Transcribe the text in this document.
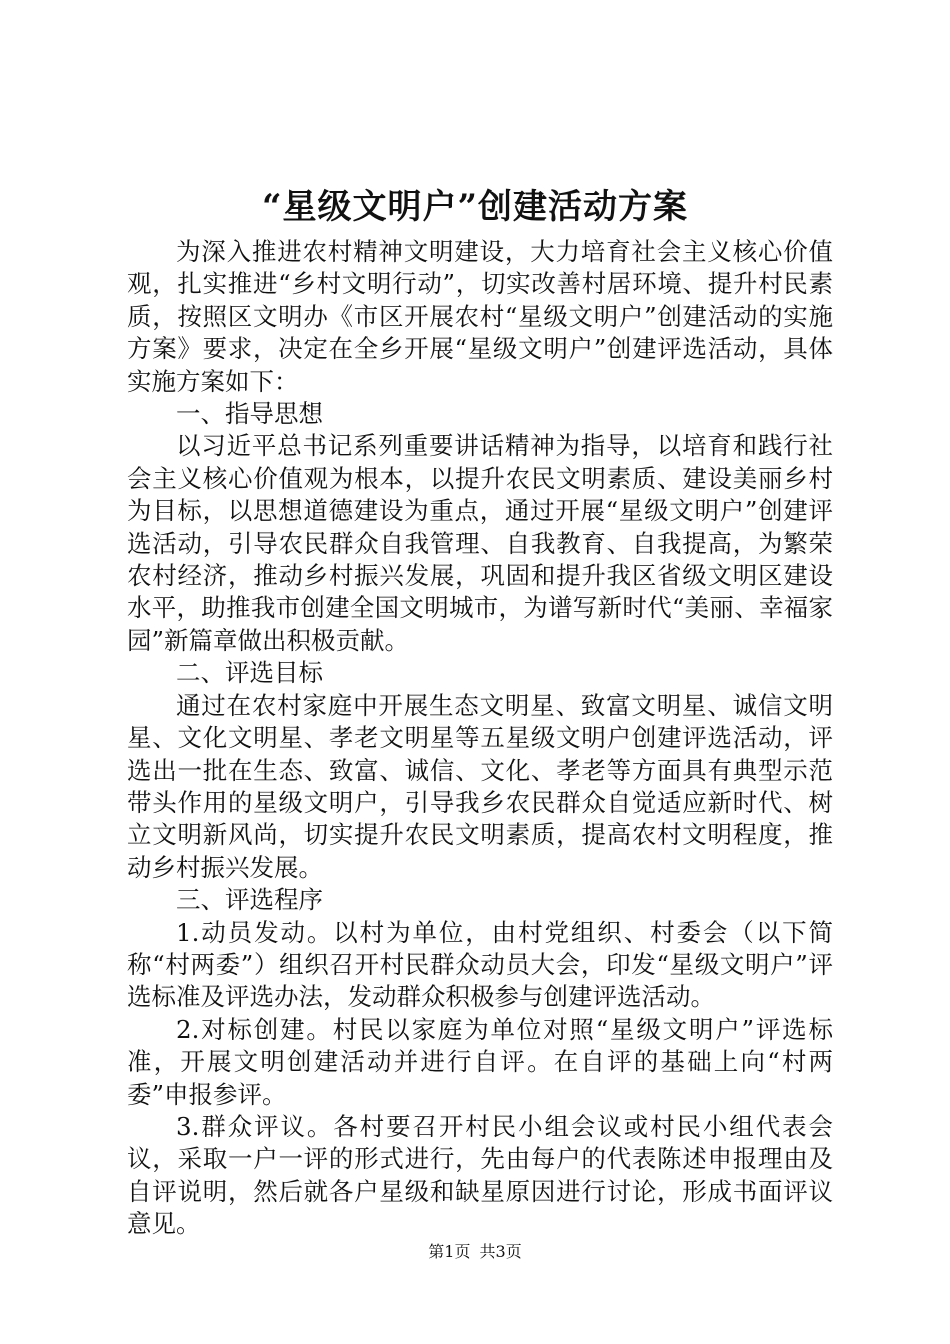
“星级文明户”创建活动方案

为深入推进农村精神文明建设，大力培育社会主义核心价值观，扎实推进“乡村文明行动”，切实改善村居环境、提升村民素质，按照区文明办《市区开展农村“星级文明户”创建活动的实施方案》要求，决定在全乡开展“星级文明户”创建评选活动，具体实施方案如下：

一、指导思想

以习近平总书记系列重要讲话精神为指导，以培育和践行社会主义核心价值观为根本，以提升农民文明素质、建设美丽乡村为目标，以思想道德建设为重点，通过开展“星级文明户”创建评选活动，引导农民群众自我管理、自我教育、自我提高，为繁荣农村经济，推动乡村振兴发展，巩固和提升我区省级文明区建设水平，助推我市创建全国文明城市，为谱写新时代“美丽、幸福家园”新篇章做出积极贡献。

二、评选目标

通过在农村家庭中开展生态文明星、致富文明星、诚信文明星、文化文明星、孝老文明星等五星级文明户创建评选活动，评选出一批在生态、致富、诚信、文化、孝老等方面具有典型示范带头作用的星级文明户，引导我乡农民群众自觉适应新时代、树立文明新风尚，切实提升农民文明素质，提高农村文明程度，推动乡村振兴发展。

三、评选程序

1.动员发动。以村为单位，由村党组织、村委会（以下简称“村两委”）组织召开村民群众动员大会，印发“星级文明户”评选标准及评选办法，发动群众积极参与创建评选活动。

2.对标创建。村民以家庭为单位对照“星级文明户”评选标准，开展文明创建活动并进行自评。在自评的基础上向“村两委”申报参评。

3.群众评议。各村要召开村民小组会议或村民小组代表会议，采取一户一评的形式进行，先由每户的代表陈述申报理由及自评说明，然后就各户星级和缺星原因进行讨论，形成书面评议意见。

第1页 共3页
